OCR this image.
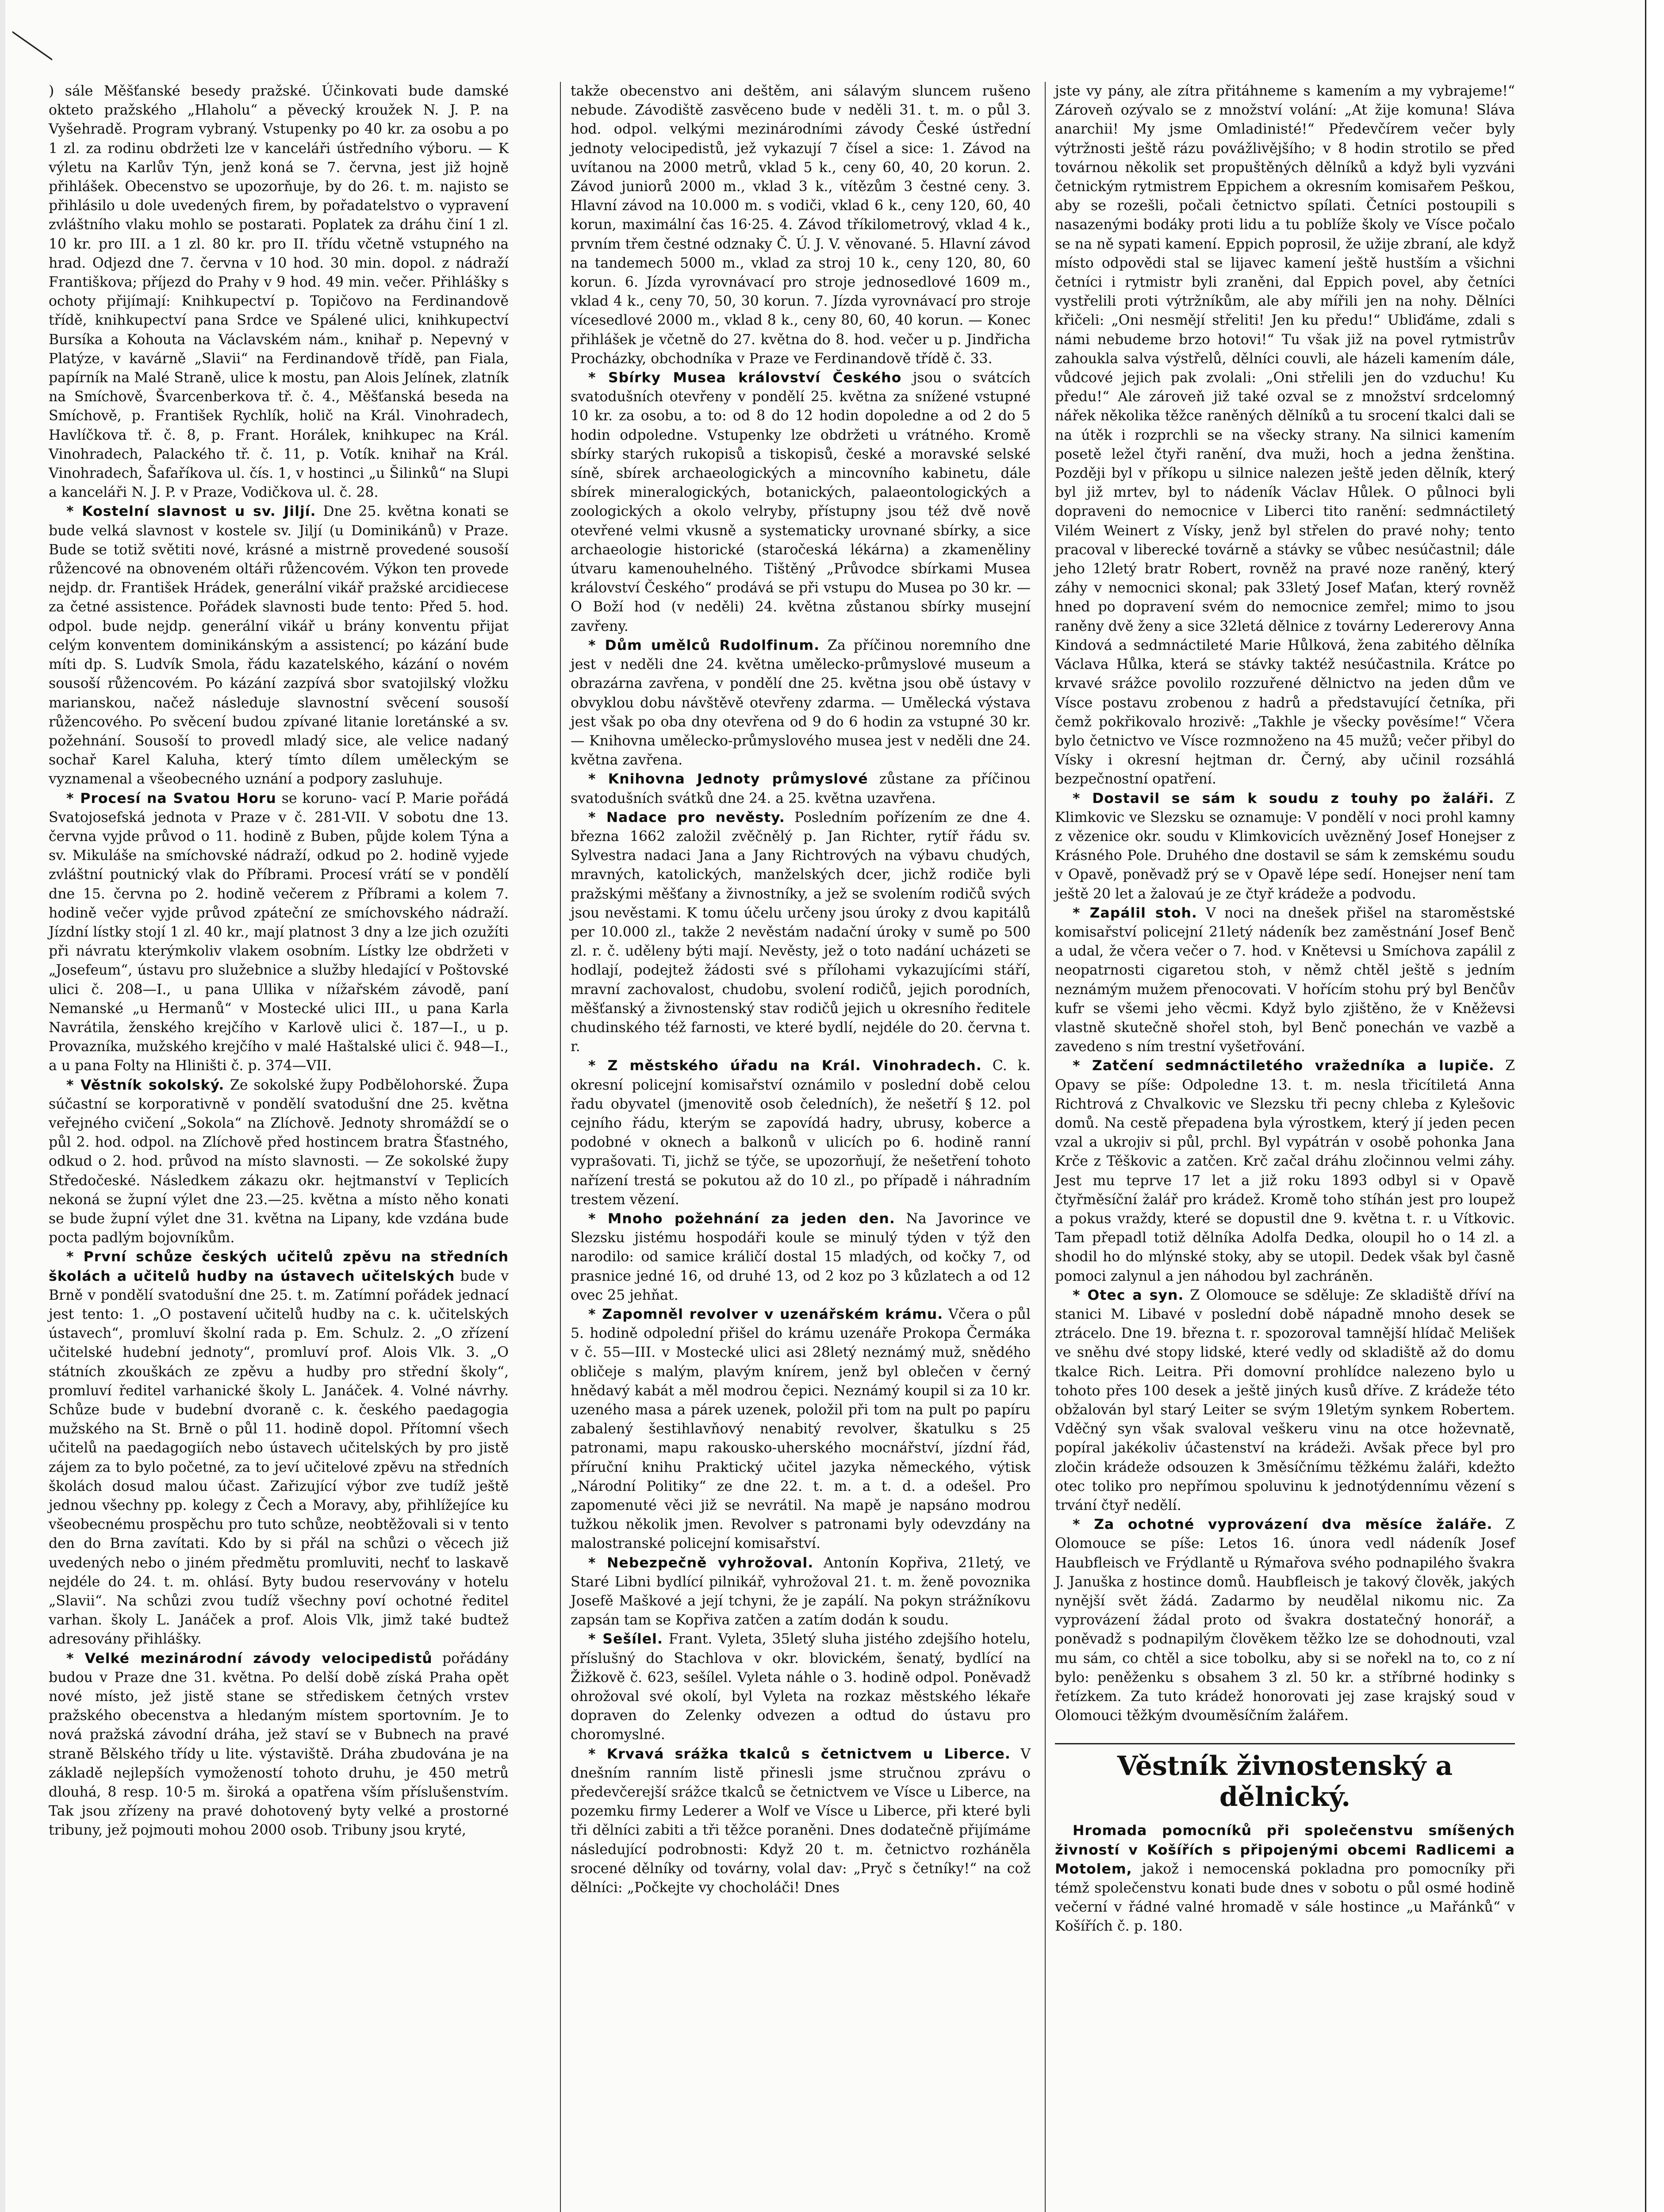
) sále Měšťanské besedy pražské. Účinkovati bude damské okteto pražského „Hlaholu“ a pěvecký kroužek N. J. P. na Vyšehradě. Program vybraný. Vstupenky po 40 kr. za osobu a po 1 zl. za rodinu obdržeti lze v kanceláři ústředního výboru. — K výletu na Karlův Týn, jenž koná se 7. června, jest již hojně přihlášek. Obecenstvo se upozorňuje, by do 26. t. m. najisto se přihlásilo u dole uvedených firem, by pořadatelstvo o vypravení zvláštního vlaku mohlo se postarati. Poplatek za dráhu činí 1 zl. 10 kr. pro III. a 1 zl. 80 kr. pro II. třídu včetně vstupného na hrad. Odjezd dne 7. června v 10 hod. 30 min. dopol. z nádraží Františkova; příjezd do Prahy v 9 hod. 49 min. večer. Přihlášky s ochoty přijímají: Knihkupectví p. Topičovo na Ferdinandově třídě, knihkupectví pana Srdce ve Spálené ulici, knihkupectví Bursíka a Kohouta na Václavském nám., knihař p. Nepevný v Platýze, v kavárně „Slavii“ na Ferdinandově třídě, pan Fiala, papírník na Malé Straně, ulice k mostu, pan Alois Jelínek, zlatník na Smíchově, Švarcenberkova tř. č. 4., Měšťanská beseda na Smíchově, p. František Rychlík, holič na Král. Vinohradech, Havlíčkova tř. č. 8, p. Frant. Horálek, knihkupec na Král. Vinohradech, Palackého tř. č. 11, p. Votík. knihař na Král. Vinohradech, Šafaříkova ul. čís. 1, v hostinci „u Šilinků“ na Slupi a kanceláři N. J. P. v Praze, Vodičkova ul. č. 28.

* Kostelní slavnost u sv. Jiljí. Dne 25. května konati se bude velká slavnost v kostele sv. Jiljí (u Dominikánů) v Praze. Bude se totiž světiti nové, krásné a mistrně provedené sousoší růžencové na obnoveném oltáři růžencovém. Výkon ten provede nejdp. dr. František Hrádek, generální vikář pražské arcidiecese za četné assistence. Pořádek slavnosti bude tento: Před 5. hod. odpol. bude nejdp. generální vikář u brány konventu přijat celým konventem dominikánským a assistencí; po kázání bude míti dp. S. Ludvík Smola, řádu kazatelského, kázání o novém sousoší růžencovém. Po kázání zazpívá sbor svatojilský vložku marianskou, načež následuje slavnostní svěcení sousoší růžencového. Po svěcení budou zpívané litanie loretánské a sv. požehnání. Sousoší to provedl mladý sice, ale velice nadaný sochař Karel Kaluha, který tímto dílem uměleckým se vyznamenal a všeobecného uznání a podpory zasluhuje.

* Procesí na Svatou Horu se koruno- vací P. Marie pořádá Svatojosefská jednota v Praze v č. 281-VII. V sobotu dne 13. června vyjde průvod o 11. hodině z Buben, půjde kolem Týna a sv. Mikuláše na smíchovské nádraží, odkud po 2. hodině vyjede zvláštní poutnický vlak do Příbrami. Procesí vrátí se v pondělí dne 15. června po 2. hodině večerem z Příbrami a kolem 7. hodině večer vyjde průvod zpáteční ze smíchovského nádraží. Jízdní lístky stojí 1 zl. 40 kr., mají platnost 3 dny a lze jich ozužíti při návratu kterýmkoliv vlakem osobním. Lístky lze obdržeti v „Josefeum“, ústavu pro služebnice a služby hledající v Poštovské ulici č. 208—I., u pana Ullika v nížařském závodě, paní Nemanské „u Hermanů“ v Mostecké ulici III., u pana Karla Navrátila, ženského krejčího v Karlově ulici č. 187—I., u p. Provazníka, mužského krejčího v malé Haštalské ulici č. 948—I., a u pana Folty na Hliništi č. p. 374—VII.

* Věstník sokolský. Ze sokolské župy Podbělohorské. Župa súčastní se korporativně v pondělí svatodušní dne 25. května veřejného cvičení „Sokola“ na Zlíchově. Jednoty shromáždí se o půl 2. hod. odpol. na Zlíchově před hostincem bratra Šťastného, odkud o 2. hod. průvod na místo slavnosti. — Ze sokolské župy Středočeské. Následkem zákazu okr. hejtmanství v Teplicích nekoná se župní výlet dne 23.—25. května a místo něho konati se bude župní výlet dne 31. května na Lipany, kde vzdána bude pocta padlým bojovníkům.

* První schůze českých učitelů zpěvu na středních školách a učitelů hudby na ústavech učitelských bude v Brně v pondělí svatodušní dne 25. t. m. Zatímní pořádek jednací jest tento: 1. „O postavení učitelů hudby na c. k. učitelských ústavech“, promluví školní rada p. Em. Schulz. 2. „O zřízení učitelské hudební jednoty“, promluví prof. Alois Vlk. 3. „O státních zkouškách ze zpěvu a hudby pro střední školy“, promluví ředitel varhanické školy L. Janáček. 4. Volné návrhy. Schůze bude v budební dvoraně c. k. českého paedagogia mužského na St. Brně o půl 11. hodině dopol. Přítomní všech učitelů na paedagogiích nebo ústavech učitelských by pro jistě zájem za to bylo početné, za to jeví učitelové zpěvu na středních školách dosud malou účast. Zařizující výbor zve tudíž ještě jednou všechny pp. kolegy z Čech a Moravy, aby, přihlížejíce ku všeobecnému prospěchu pro tuto schůze, neobtěžovali si v tento den do Brna zavítati. Kdo by si přál na schůzi o věcech již uvedených nebo o jiném předmětu promluviti, nechť to laskavě nejdéle do 24. t. m. ohlásí. Byty budou reservovány v hotelu „Slavii“. Na schůzi zvou tudíž všechny poví ochotné ředitel varhan. školy L. Janáček a prof. Alois Vlk, jimž také budtež adresovány přihlášky.

* Velké mezinárodní závody velocipedistů pořádány budou v Praze dne 31. května. Po delší době získá Praha opět nové místo, jež jistě stane se střediskem četných vrstev pražského obecenstva a hledaným místem sportovním. Je to nová pražská závodní dráha, jež staví se v Bubnech na pravé straně Bělského třídy u lite. výstaviště. Dráha zbudována je na základě nejlepších vymožeností tohoto druhu, je 450 metrů dlouhá, 8 resp. 10·5 m. široká a opatřena vším příslušenstvím. Tak jsou zřízeny na pravé dohotovený byty velké a prostorné tribuny, jež pojmouti mohou 2000 osob. Tribuny jsou kryté,

takže obecenstvo ani deštěm, ani sálavým sluncem rušeno nebude. Závodiště zasvěceno bude v neděli 31. t. m. o půl 3. hod. odpol. velkými mezinárodními závody České ústřední jednoty velocipedistů, jež vykazují 7 čísel a sice: 1. Závod na uvítanou na 2000 metrů, vklad 5 k., ceny 60, 40, 20 korun. 2. Závod juniorů 2000 m., vklad 3 k., vítězům 3 čestné ceny. 3. Hlavní závod na 10.000 m. s vodiči, vklad 6 k., ceny 120, 60, 40 korun, maximální čas 16·25. 4. Závod tříkilometrový, vklad 4 k., prvním třem čestné odznaky Č. Ú. J. V. věnované. 5. Hlavní závod na tandemech 5000 m., vklad za stroj 10 k., ceny 120, 80, 60 korun. 6. Jízda vyrovnávací pro stroje jednosedlové 1609 m., vklad 4 k., ceny 70, 50, 30 korun. 7. Jízda vyrovnávací pro stroje vícesedlové 2000 m., vklad 8 k., ceny 80, 60, 40 korun. — Konec přihlášek je včetně do 27. května do 8. hod. večer u p. Jindřicha Procházky, obchodníka v Praze ve Ferdinandově třídě č. 33.

* Sbírky Musea království Českého jsou o svátcích svatodušních otevřeny v pondělí 25. května za snížené vstupné 10 kr. za osobu, a to: od 8 do 12 hodin dopoledne a od 2 do 5 hodin odpoledne. Vstupenky lze obdržeti u vrátného. Kromě sbírky starých rukopisů a tiskopisů, české a moravské selské síně, sbírek archaeologických a mincovního kabinetu, dále sbírek mineralogických, botanických, palaeontologických a zoologických a okolo velryby, přístupny jsou též dvě nově otevřené velmi vkusně a systematicky urovnané sbírky, a sice archaeologie historické (staročeská lékárna) a zkameněliny útvaru kamenouhelného. Tištěný „Průvodce sbírkami Musea království Českého“ prodává se při vstupu do Musea po 30 kr. — O Boží hod (v neděli) 24. května zůstanou sbírky musejní zavřeny.

* Dům umělců Rudolfinum. Za příčinou noremního dne jest v neděli dne 24. května umělecko-průmyslové museum a obrazárna zavřena, v pondělí dne 25. května jsou obě ústavy v obvyklou dobu návštěvě otevřeny zdarma. — Umělecká výstava jest však po oba dny otevřena od 9 do 6 hodin za vstupné 30 kr. — Knihovna umělecko-průmyslového musea jest v neděli dne 24. května zavřena.

* Knihovna Jednoty průmyslové zůstane za příčinou svatodušních svátků dne 24. a 25. května uzavřena.

* Nadace pro nevěsty. Posledním pořízením ze dne 4. března 1662 založil zvěčnělý p. Jan Richter, rytíř řádu sv. Sylvestra nadaci Jana a Jany Richtrových na výbavu chudých, mravných, katolických, manželských dcer, jichž rodiče byli pražskými měšťany a živnostníky, a jež se svolením rodičů svých jsou nevěstami. K tomu účelu určeny jsou úroky z dvou kapitálů per 10.000 zl., takže 2 nevěstám nadační úroky v sumě po 500 zl. r. č. uděleny býti mají. Nevěsty, jež o toto nadání ucházeti se hodlají, podejtež žádosti své s přílohami vykazujícími stáří, mravní zachovalost, chudobu, svolení rodičů, jejich porodních, měšťanský a živnostenský stav rodičů jejich u okresního ředitele chudinského též farnosti, ve které bydlí, nejdéle do 20. června t. r.

* Z městského úřadu na Král. Vinohradech. C. k. okresní policejní komisařství oznámilo v poslední době celou řadu obyvatel (jmenovitě osob čeledních), že nešetří § 12. pol cejního řádu, kterým se zapovídá hadry, ubrusy, koberce a podobné v oknech a balkonů v ulicích po 6. hodině ranní vyprašovati. Ti, jichž se týče, se upozorňují, že nešetření tohoto nařízení trestá se pokutou až do 10 zl., po případě i náhradním trestem vězení.

* Mnoho požehnání za jeden den. Na Javorince ve Slezsku jistému hospodáři koule se minulý týden v týž den narodilo: od samice králičí dostal 15 mladých, od kočky 7, od prasnice jedné 16, od druhé 13, od 2 koz po 3 kůzlatech a od 12 ovec 25 jehňat.

* Zapomněl revolver v uzenářském krámu. Včera o půl 5. hodině odpolední přišel do krámu uzenáře Prokopa Čermáka v č. 55—III. v Mostecké ulici asi 28letý neznámý muž, snědého obličeje s malým, plavým knírem, jenž byl oblečen v černý hnědavý kabát a měl modrou čepici. Neznámý koupil si za 10 kr. uzeného masa a párek uzenek, položil při tom na pult po papíru zabalený šestihlavňový nenabitý revolver, škatulku s 25 patronami, mapu rakousko-uherského mocnářství, jízdní řád, příruční knihu Praktický učitel jazyka německého, výtisk „Národní Politiky“ ze dne 22. t. m. a t. d. a odešel. Pro zapomenuté věci již se nevrátil. Na mapě je napsáno modrou tužkou několik jmen. Revolver s patronami byly odevzdány na malostranské policejní komisařství.

* Nebezpečně vyhrožoval. Antonín Kopřiva, 21letý, ve Staré Libni bydlící pilnikář, vyhrožoval 21. t. m. ženě povoznika Josefě Maškové a její tchyni, že je zapálí. Na pokyn strážníkovu zapsán tam se Kopřiva zatčen a zatím dodán k soudu.

* Sešílel. Frant. Vyleta, 35letý sluha jistého zdejšího hotelu, příslušný do Stachlova v okr. blovickém, šenatý, bydlící na Žižkově č. 623, sešílel. Vyleta náhle o 3. hodině odpol. Poněvadž ohrožoval své okolí, byl Vyleta na rozkaz městského lékaře dopraven do Zelenky odvezen a odtud do ústavu pro choromyslné.

* Krvavá srážka tkalců s četnictvem u Liberce. V dnešním ranním listě přinesli jsme stručnou zprávu o předevčerejší srážce tkalců se četnictvem ve Vísce u Liberce, na pozemku firmy Lederer a Wolf ve Vísce u Liberce, při které byli tři dělníci zabiti a tři těžce poraněni. Dnes dodatečně přijímáme následující podrobnosti: Když 20 t. m. četnictvo rozháněla srocené dělníky od továrny, volal dav: „Pryč s četníky!“ na což dělníci: „Počkejte vy chocholáči! Dnes

jste vy pány, ale zítra přitáhneme s kamením a my vybrajeme!“ Zároveň ozývalo se z množství volání: „At žije komuna! Sláva anarchii! My jsme Omladinisté!“ Předevčírem večer byly výtržnosti ještě rázu povážlivějšího; v 8 hodin strotilo se před továrnou několik set propuštěných dělníků a když byli vyzváni četnickým rytmistrem Eppichem a okresním komisařem Peškou, aby se rozešli, počali četnictvo spílati. Četníci postoupili s nasazenými bodáky proti lidu a tu poblíže školy ve Vísce počalo se na ně sypati kamení. Eppich poprosil, že užije zbraní, ale když místo odpovědi stal se lijavec kamení ještě hustším a všichni četníci i rytmistr byli zraněni, dal Eppich povel, aby četníci vystřelili proti výtržníkům, ale aby mířili jen na nohy. Dělníci křičeli: „Oni nesmějí střeliti! Jen ku předu!“ Ubliďáme, zdali s námi nebudeme brzo hotovi!“ Tu však již na povel rytmistrův zahoukla salva výstřelů, dělníci couvli, ale házeli kamením dále, vůdcové jejich pak zvolali: „Oni střelili jen do vzduchu! Ku předu!“ Ale zároveň již také ozval se z množství srdcelomný nářek několika těžce raněných dělníků a tu srocení tkalci dali se na útěk i rozprchli se na všecky strany. Na silnici kamením posetě ležel čtyři ranění, dva muži, hoch a jedna ženština. Později byl v příkopu u silnice nalezen ještě jeden dělník, který byl již mrtev, byl to nádeník Václav Hůlek. O půlnoci byli dopraveni do nemocnice v Liberci tito ranění: sedmnáctiletý Vilém Weinert z Vísky, jenž byl střelen do pravé nohy; tento pracoval v liberecké továrně a stávky se vůbec nesúčastnil; dále jeho 12letý bratr Robert, rovněž na pravé noze raněný, který záhy v nemocnici skonal; pak 33letý Josef Maťan, který rovněž hned po dopravení svém do nemocnice zemřel; mimo to jsou raněny dvě ženy a sice 32letá dělnice z továrny Ledererovy Anna Kindová a sedmnáctileté Marie Hůlková, žena zabitého dělníka Václava Hůlka, která se stávky taktéž nesúčastnila. Krátce po krvavé srážce povolilo rozzuřené dělnictvo na jeden dům ve Vísce postavu zrobenou z hadrů a představující četníka, při čemž pokřikovalo hrozivě: „Takhle je všecky pověsíme!“ Včera bylo četnictvo ve Vísce rozmnoženo na 45 mužů; večer přibyl do Vísky i okresní hejtman dr. Černý, aby učinil rozsáhlá bezpečnostní opatření.

* Dostavil se sám k soudu z touhy po žaláři. Z Klimkovic ve Slezsku se oznamuje: V pondělí v noci prohl kamny z vězenice okr. soudu v Klimkovicích uvězněný Josef Honejser z Krásného Pole. Druhého dne dostavil se sám k zemskému soudu v Opavě, poněvadž prý se v Opavě lépe sedí. Honejser není tam ještě 20 let a žalovaú je ze čtyř krádeže a podvodu.

* Zapálil stoh. V noci na dnešek přišel na staroměstské komisařství policejní 21letý nádeník bez zaměstnání Josef Benč a udal, že včera večer o 7. hod. v Knětevsi u Smíchova zapálil z neopatrnosti cigaretou stoh, v němž chtěl ještě s jedním neznámým mužem přenocovati. V hořícím stohu prý byl Benčův kufr se všemi jeho věcmi. Když bylo zjištěno, že v Kněževsi vlastně skutečně shořel stoh, byl Benč ponechán ve vazbě a zavedeno s ním trestní vyšetřování.

* Zatčení sedmnáctiletého vražedníka a lupiče. Z Opavy se píše: Odpoledne 13. t. m. nesla třicítiletá Anna Richtrová z Chvalkovic ve Slezsku tři pecny chleba z Kylešovic domů. Na cestě přepadena byla výrostkem, který jí jeden pecen vzal a ukrojiv si půl, prchl. Byl vypátrán v osobě pohonka Jana Krče z Těškovic a zatčen. Krč začal dráhu zločinnou velmi záhy. Jest mu teprve 17 let a již roku 1893 odbyl si v Opavě čtyřměsíční žalář pro krádež. Kromě toho stíhán jest pro loupež a pokus vraždy, které se dopustil dne 9. května t. r. u Vítkovic. Tam přepadl totiž dělníka Adolfa Dedka, oloupil ho o 14 zl. a shodil ho do mlýnské stoky, aby se utopil. Dedek však byl časně pomoci zalynul a jen náhodou byl zachráněn.

* Otec a syn. Z Olomouce se sděluje: Ze skladiště dříví na stanici M. Libavé v poslední době nápadně mnoho desek se ztrácelo. Dne 19. března t. r. spozoroval tamnější hlídač Melišek ve sněhu dvé stopy lidské, které vedly od skladiště až do domu tkalce Rich. Leitra. Při domovní prohlídce nalezeno bylo u tohoto přes 100 desek a ještě jiných kusů dříve. Z krádeže této obžalován byl starý Leiter se svým 19letým synkem Robertem. Vděčný syn však svaloval veškeru vinu na otce hoževnatě, popíral jakékoliv účastenství na krádeži. Avšak přece byl pro zločin krádeže odsouzen k 3měsíčnímu těžkému žaláři, kdežto otec toliko pro nepřímou spoluvinu k jednotýdennímu vězení s trvání čtyř nedělí.

* Za ochotné vyprovázení dva měsíce žaláře. Z Olomouce se píše: Letos 16. února vedl nádeník Josef Haubfleisch ve Frýdlantě u Rýmařova svého podnapilého švakra J. Januška z hostince domů. Haubfleisch je takový člověk, jakých nynější svět žádá. Zadarmo by neudělal nikomu nic. Za vyprovázení žádal proto od švakra dostatečný honorář, a poněvadž s podnapilým člověkem těžko lze se dohodnouti, vzal mu sám, co chtěl a sice tobolku, aby si se nořekl na to, co z ní bylo: peněženku s obsahem 3 zl. 50 kr. a stříbrné hodinky s řetízkem. Za tuto krádež honorovati jej zase krajský soud v Olomouci těžkým dvouměsíčním žalářem.

Věstník živnostenský a dělnický.

Hromada pomocníků při společenstvu smíšených živností v Košířích s připojenými obcemi Radlicemi a Motolem, jakož i nemocenská pokladna pro pomocníky při témž společenstvu konati bude dnes v sobotu o půl osmé hodině večerní v řádné valné hromadě v sále hostince „u Mařánků“ v Košířích č. p. 180.
